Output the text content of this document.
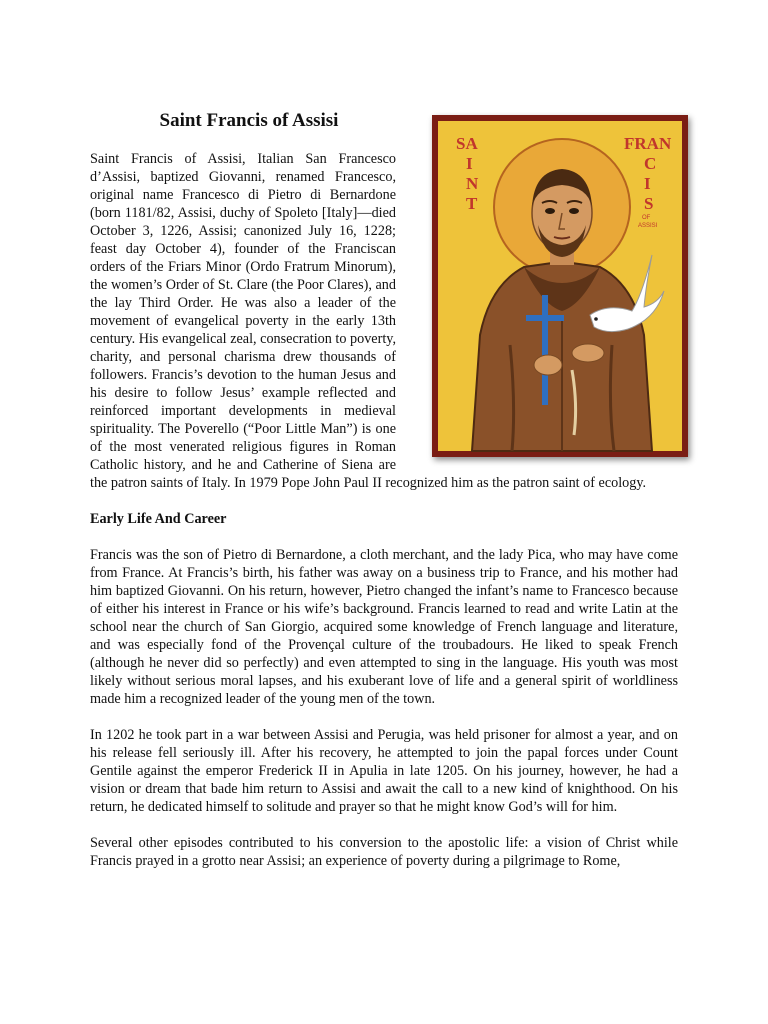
Saint Francis of Assisi
SA
I
N
T
FRAN
C
I
S
OF
ASSISI

Saint Francis of Assisi, Italian San Francesco d’Assisi, baptized Giovanni, renamed Francesco, original name Francesco di Pietro di Bernardone (born 1181/82, Assisi, duchy of Spoleto [Italy]—died October 3, 1226, Assisi; canonized July 16, 1228; feast day October 4), founder of the Franciscan orders of the Friars Minor (Ordo Fratrum Minorum), the women’s Order of St. Clare (the Poor Clares), and the lay Third Order. He was also a leader of the movement of evangelical poverty in the early 13th century. His evangelical zeal, consecration to poverty, charity, and personal charisma drew thousands of followers. Francis’s devotion to the human Jesus and his desire to follow Jesus’ example reflected and reinforced important developments in medieval spirituality. The Poverello (“Poor Little Man”) is one of the most venerated religious figures in Roman Catholic history, and he and Catherine of Siena are the patron saints of Italy. In 1979 Pope John Paul II recognized him as the patron saint of ecology.

Early Life And Career

Francis was the son of Pietro di Bernardone, a cloth merchant, and the lady Pica, who may have come from France. At Francis’s birth, his father was away on a business trip to France, and his mother had him baptized Giovanni. On his return, however, Pietro changed the infant’s name to Francesco because of either his interest in France or his wife’s background. Francis learned to read and write Latin at the school near the church of San Giorgio, acquired some knowledge of French language and literature, and was especially fond of the Provençal culture of the troubadours. He liked to speak French (although he never did so perfectly) and even attempted to sing in the language. His youth was most likely without serious moral lapses, and his exuberant love of life and a general spirit of worldliness made him a recognized leader of the young men of the town.

In 1202 he took part in a war between Assisi and Perugia, was held prisoner for almost a year, and on his release fell seriously ill. After his recovery, he attempted to join the papal forces under Count Gentile against the emperor Frederick II in Apulia in late 1205. On his journey, however, he had a vision or dream that bade him return to Assisi and await the call to a new kind of knighthood. On his return, he dedicated himself to solitude and prayer so that he might know God’s will for him.

Several other episodes contributed to his conversion to the apostolic life: a vision of Christ while Francis prayed in a grotto near Assisi; an experience of poverty during a pilgrimage to Rome,
